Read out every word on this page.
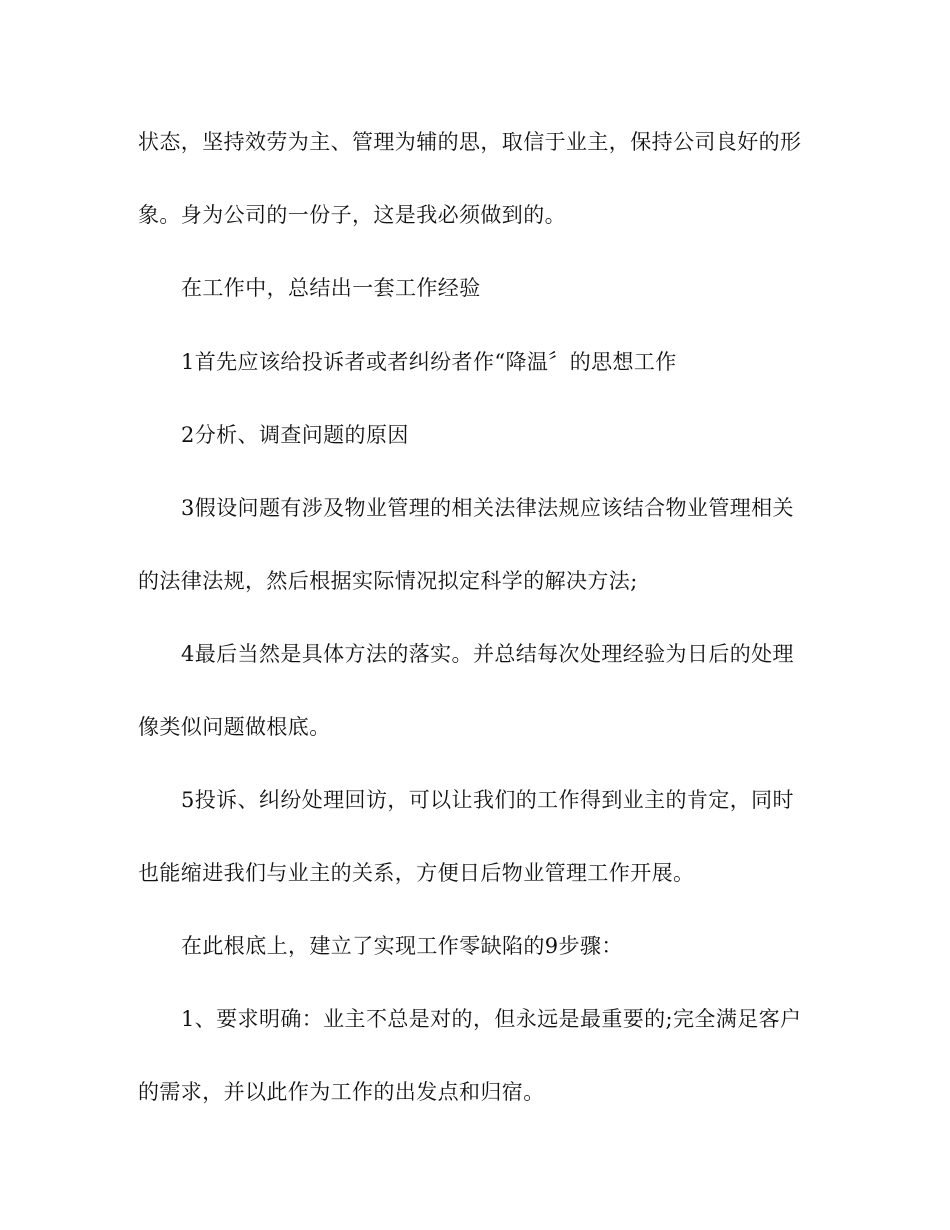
状态，坚持效劳为主、管理为辅的思，取信于业主，保持公司良好的形
象。身为公司的一份子，这是我必须做到的。
在工作中，总结出一套工作经验
1首先应该给投诉者或者纠纷者作“降温〞的思想工作
2分析、调查问题的原因
3假设问题有涉及物业管理的相关法律法规应该结合物业管理相关
的法律法规，然后根据实际情况拟定科学的解决方法;
4最后当然是具体方法的落实。并总结每次处理经验为日后的处理
像类似问题做根底。
5投诉、纠纷处理回访，可以让我们的工作得到业主的肯定，同时
也能缩进我们与业主的关系，方便日后物业管理工作开展。
在此根底上，建立了实现工作零缺陷的9步骤：
1、要求明确：业主不总是对的，但永远是最重要的;完全满足客户
的需求，并以此作为工作的出发点和归宿。
